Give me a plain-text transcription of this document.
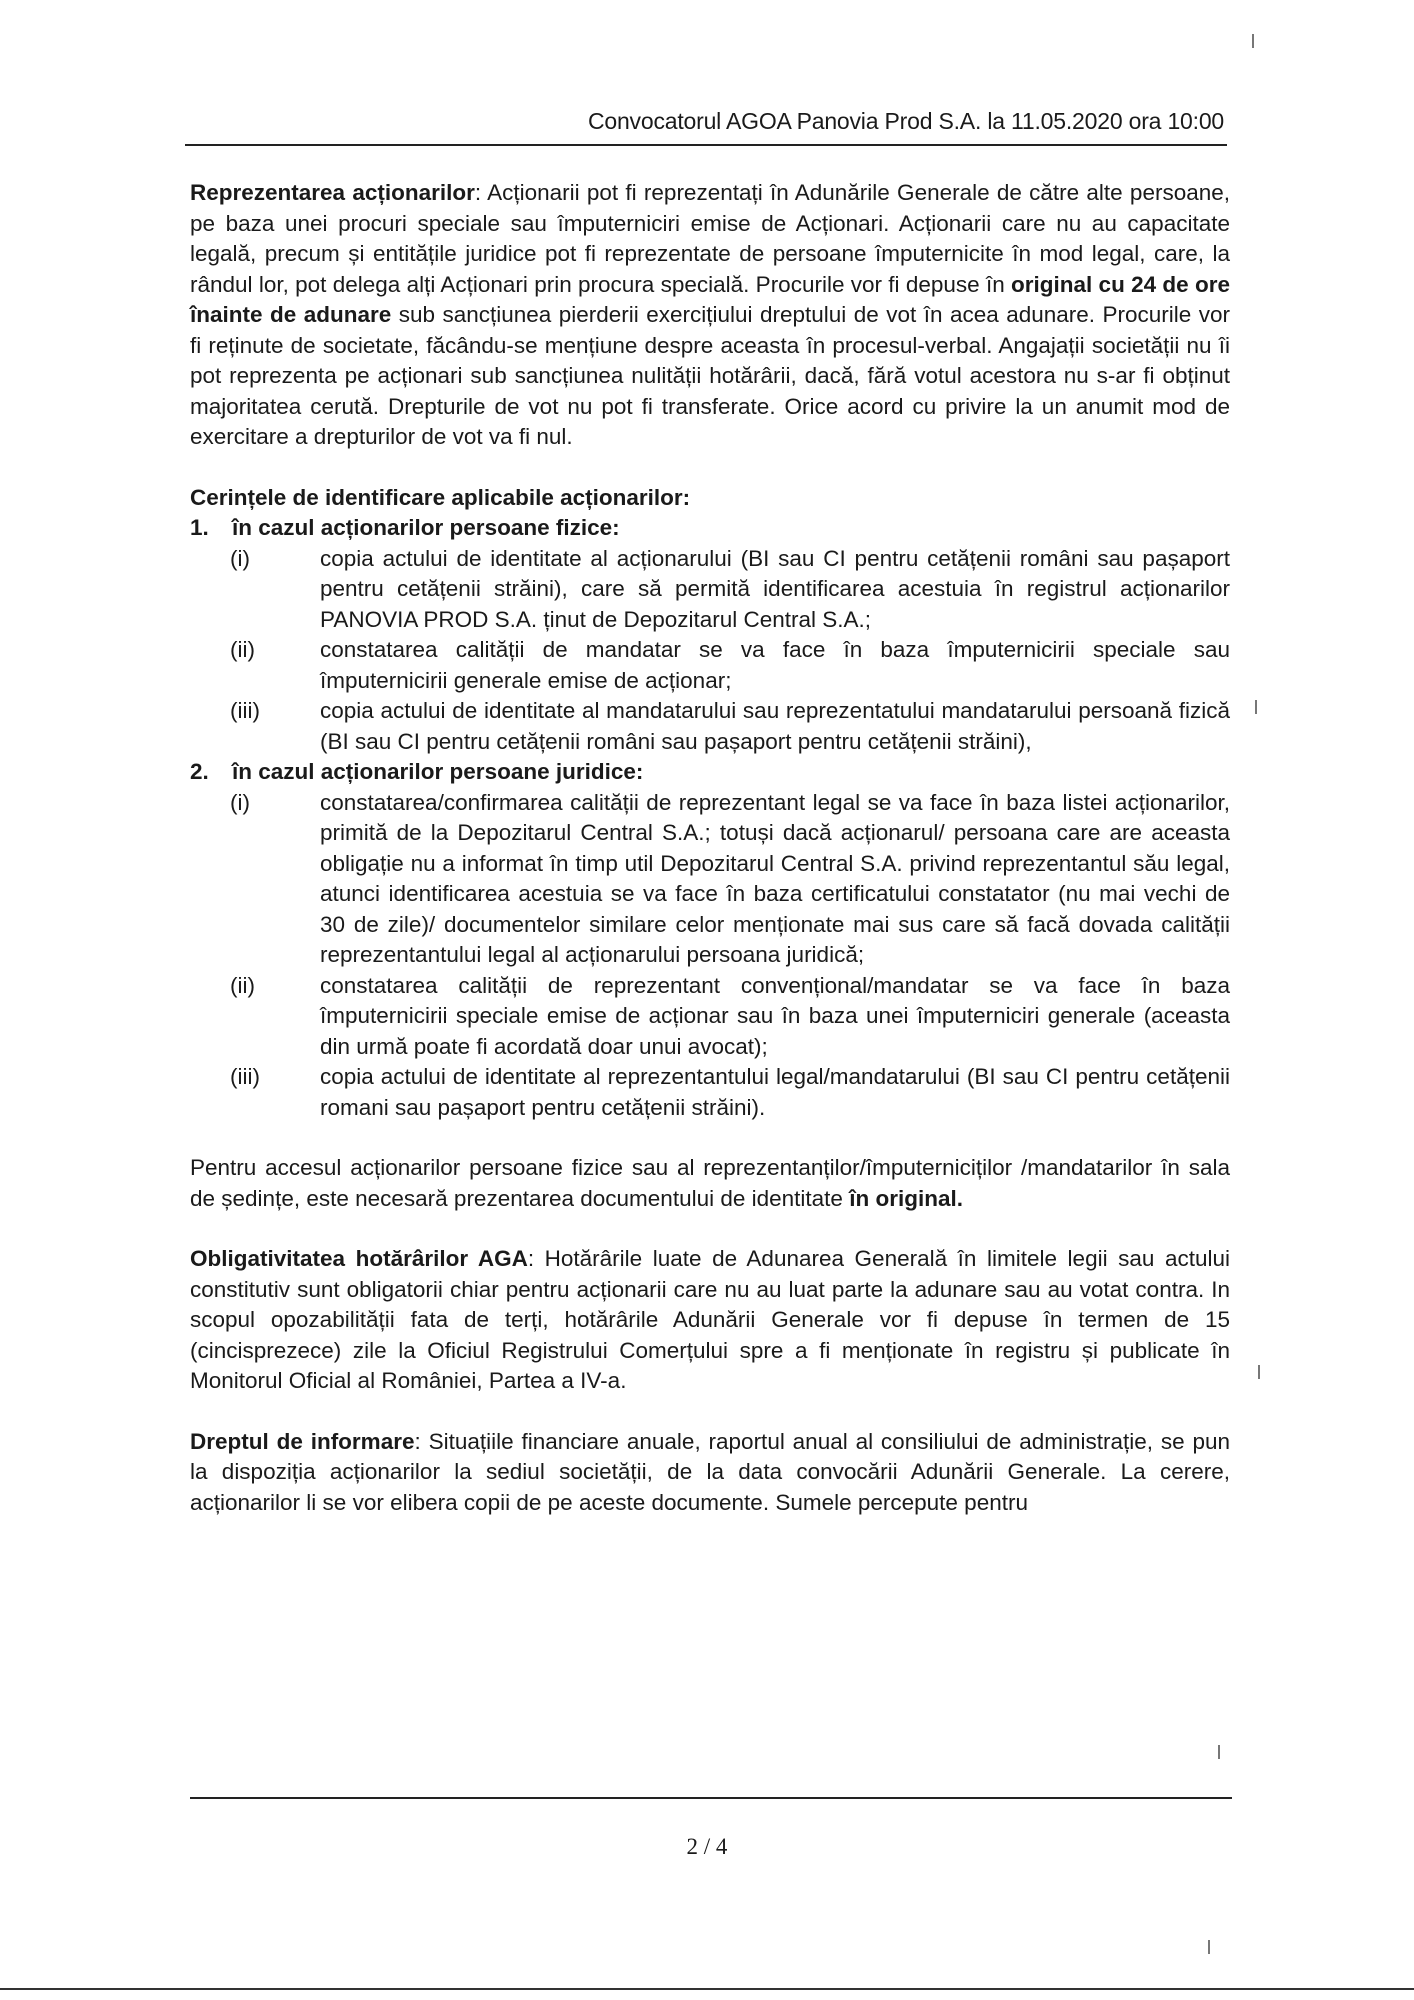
Convocatorul AGOA Panovia Prod S.A. la 11.05.2020 ora 10:00

Reprezentarea acționarilor: Acționarii pot fi reprezentați în Adunările Generale de către alte persoane, pe baza unei procuri speciale sau împuterniciri emise de Acționari. Acționarii care nu au capacitate legală, precum și entitățile juridice pot fi reprezentate de persoane împuternicite în mod legal, care, la rândul lor, pot delega alți Acționari prin procura specială. Procurile vor fi depuse în original cu 24 de ore înainte de adunare sub sancțiunea pierderii exercițiului dreptului de vot în acea adunare. Procurile vor fi reținute de societate, făcându-se mențiune despre aceasta în procesul-verbal. Angajații societății nu îi pot reprezenta pe acționari sub sancțiunea nulității hotărârii, dacă, fără votul acestora nu s-ar fi obținut majoritatea cerută. Drepturile de vot nu pot fi transferate. Orice acord cu privire la un anumit mod de exercitare a drepturilor de vot va fi nul.

Cerințele de identificare aplicabile acționarilor:
1.	în cazul acționarilor persoane fizice:
(i)	copia actului de identitate al acționarului (BI sau CI pentru cetățenii români sau pașaport pentru cetățenii străini), care să permită identificarea acestuia în registrul acționarilor PANOVIA PROD S.A. ținut de Depozitarul Central S.A.;
(ii)	constatarea calității de mandatar se va face în baza împuternicirii speciale sau împuternicirii generale emise de acționar;
(iii)	copia actului de identitate al mandatarului sau reprezentatului mandatarului persoană fizică (BI sau CI pentru cetățenii români sau pașaport pentru cetățenii străini),
2.	în cazul acționarilor persoane juridice:
(i)	constatarea/confirmarea calității de reprezentant legal se va face în baza listei acționarilor, primită de la Depozitarul Central S.A.; totuși dacă acționarul/ persoana care are aceasta obligație nu a informat în timp util Depozitarul Central S.A. privind reprezentantul său legal, atunci identificarea acestuia se va face în baza certificatului constatator (nu mai vechi de 30 de zile)/ documentelor similare celor menționate mai sus care să facă dovada calității reprezentantului legal al acționarului persoana juridică;
(ii)	constatarea calității de reprezentant convențional/mandatar se va face în baza împuternicirii speciale emise de acționar sau în baza unei împuterniciri generale (aceasta din urmă poate fi acordată doar unui avocat);
(iii)	copia actului de identitate al reprezentantului legal/mandatarului (BI sau CI pentru cetățenii romani sau pașaport pentru cetățenii străini).

Pentru accesul acționarilor persoane fizice sau al reprezentanților/împuterniciților /mandatarilor în sala de ședințe, este necesară prezentarea documentului de identitate în original.

Obligativitatea hotărârilor AGA: Hotărârile luate de Adunarea Generală în limitele legii sau actului constitutiv sunt obligatorii chiar pentru acționarii care nu au luat parte la adunare sau au votat contra. In scopul opozabilității fata de terți, hotărârile Adunării Generale vor fi depuse în termen de 15 (cincisprezece) zile la Oficiul Registrului Comerțului spre a fi menționate în registru și publicate în Monitorul Oficial al României, Partea a IV-a.

Dreptul de informare: Situațiile financiare anuale, raportul anual al consiliului de administrație, se pun la dispoziția acționarilor la sediul societății, de la data convocării Adunării Generale. La cerere, acționarilor li se vor elibera copii de pe aceste documente. Sumele percepute pentru

2 / 4
